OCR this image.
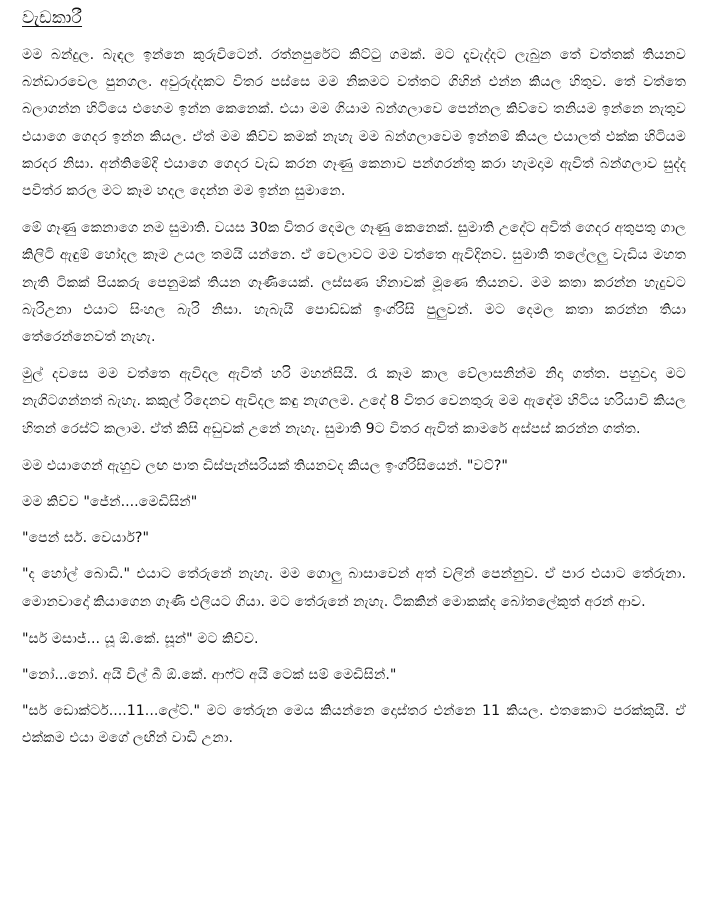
වැඩකාරී

මම බන්දුල. බැඳල ඉන්නෙ කුරුවිටෙන්. රත්නපුරේට කිට්ටු ගමක්. මට දෑවැද්දට ලැබුන තේ වත්තක් තියනව බන්ඩාරවෙල පුනගල. අවුරුද්දකට විතර පස්සෙ මම නිකමට වත්තට ගිහින් එන්න කියල හිතුව. තේ වත්තෙ බලාගන්න හිටියෙ එහෙම ඉන්න කෙනෙක්. එයා මම ගියාම බන්ගලාවෙ පෙන්නල කිව්වෙ තනියම ඉන්නෙ නැතුව එයාගෙ ගෙදර ඉන්න කියල. ඒත් මම කිව්ව කමක් නැහැ මම බන්ගලාවෙම ඉන්නම් කියල එයාලත් එක්ක හිටියම කරදර නිසා. අන්තිමේදි එයාගෙ ගෙදර වැඩ කරන ගෑණු කෙනාව පන්ගරන්තු කරා හැමදාම ඇවිත් බන්ගලාව සුද්ද පවිත්ර කරල මට කෑම හදල දෙන්න මම ඉන්න සුමානෙ.

මේ ගෑණු කෙනාගෙ නම සුමාති. වයස 30ක විතර දෙමල ගෑණු කෙනෙක්. සුමාති උදේට අවිත් ගෙදර අතුපතු ගාල කිලිටි ඇඳුම් හෝදල කෑම උයල තමයි යන්නෙ. ඒ වෙලාවට මම වත්තෙ ඇවිදිනව. සුමාති තලේලලු වැඩිය මහත නැති ටිකක් පියකරු පෙනුමක් තියන ගෑණියෙක්. ලස්සණ හිනාවක් මූණෙ තියනව. මම කතා කරන්න හැදුවට බැරිඋනා එයාට සිංහල බැරි නිසා. හැබැයි පොඩ්ඩක් ඉංග්රිසි පුලුවන්. මට දෙමල කතා කරන්න තියා තේරෙන්නෙවත් නැහැ.

මුල් දවසෙ මම වත්තෙ ඇවිදල ඇවිත් හරි මහන්සියි. රෑ කෑම කාල වේලාසනින්ම නිදා ගත්ත. පහුවදා මට නැගිටගන්නත් බැහැ. කකුල් රිදෙනව ඇවිදල කඳු නැගලම. උදේ 8 විතර වෙනතුරු මම ඇඳේම හිටිය හරියාවි කියල හිතන් රෙස්ට් කලාම. ඒත් කිසි අඩුවක් උනේ නැහැ. සුමාති 9ට විතර ඇවිත් කාමරේ අස්පස් කරන්න ගත්ත.

මම එයාගෙන් ඇහුව ලඟ පාත ඩිස්පැන්සරියක් තියනවද කියල ඉංග්රිසියෙන්. "වට්?"

මම කිව්ව "ජේන්....මෙඩිසින්"

"පෙන් සර්. වෙයාර්?"

"ද හෝල් බොඩි." එයාට තේරුනේ නැහැ. මම ගොලු බාසාවෙන් අත් වලින් පෙන්නුව. ඒ පාර එයාට තේරුනා. මොනවාදෝ කියාගෙන ගෑණි එලියට ගියා. මට තේරුනේ නැහැ. ටිකකින් මොකක්ද බෝතලේකුත් අරන් ආව.

"සර් මසාජ්... යූ ඕ.කේ. සූන්" මට කිව්ව.

"නෝ...නෝ. අයි විල් බී ඕ.කේ. ආෆ්ට අයි ටෙක් සම් මෙඩිසින්."

"සර් ඩොක්ටර්....11...ලේට්." මට තේරුන මෙය කියන්නෙ දොස්තර එන්නෙ 11 කියල. එතකොට පරක්කුයි. ඒ එක්කම එයා මගේ ලඟින් වාඩි උනා.
